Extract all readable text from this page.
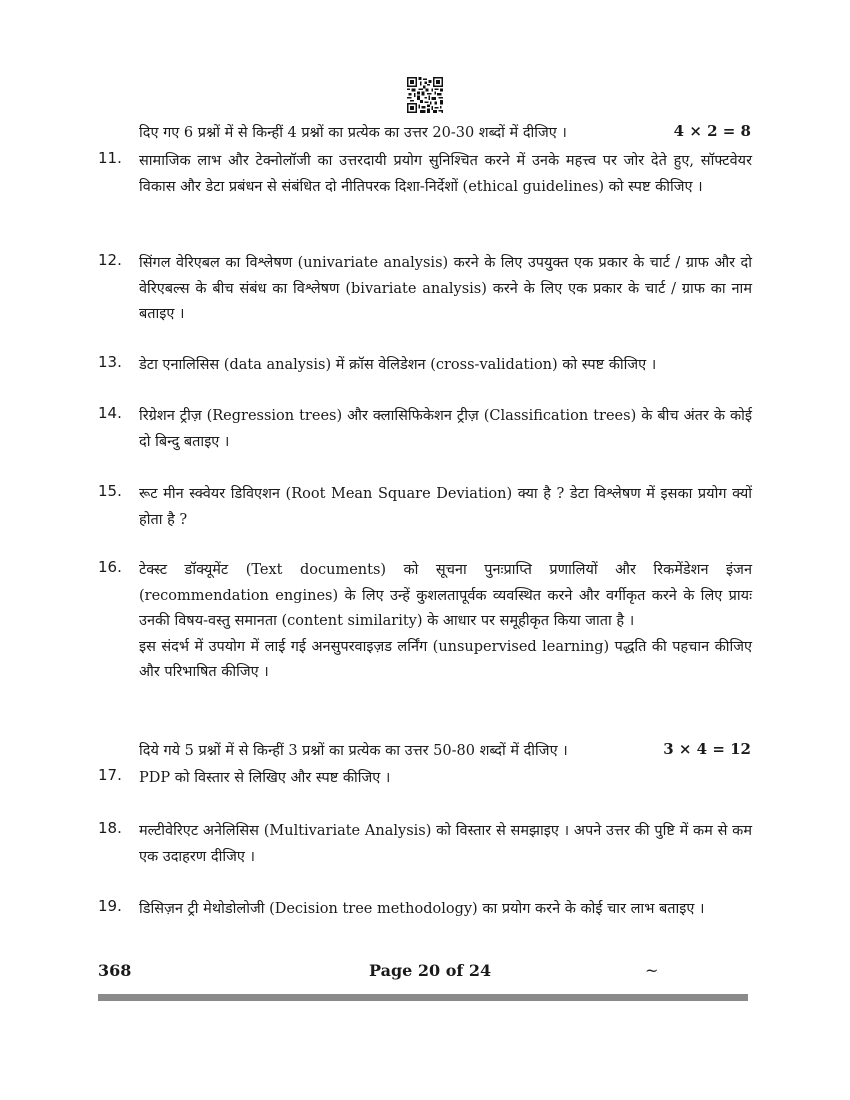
दिए गए 6 प्रश्नों में से किन्हीं 4 प्रश्नों का प्रत्येक का उत्तर 20-30 शब्दों में दीजिए ।	4 × 2 = 8
11. सामाजिक लाभ और टेक्नोलॉजी का उत्तरदायी प्रयोग सुनिश्चित करने में उनके महत्त्व पर जोर देते हुए, सॉफ्टवेयर विकास और डेटा प्रबंधन से संबंधित दो नीतिपरक दिशा-निर्देशों (ethical guidelines) को स्पष्ट कीजिए ।

12. सिंगल वेरिएबल का विश्लेषण (univariate analysis) करने के लिए उपयुक्त एक प्रकार के चार्ट / ग्राफ और दो वेरिएबल्स के बीच संबंध का विश्लेषण (bivariate analysis) करने के लिए एक प्रकार के चार्ट / ग्राफ का नाम बताइए ।

13. डेटा एनालिसिस (data analysis) में क्रॉस वेलिडेशन (cross-validation) को स्पष्ट कीजिए ।

14. रिग्रेशन ट्रीज़ (Regression trees) और क्लासिफिकेशन ट्रीज़ (Classification trees) के बीच अंतर के कोई दो बिन्दु बताइए ।

15. रूट मीन स्क्वेयर डिविएशन (Root Mean Square Deviation) क्या है ? डेटा विश्लेषण में इसका प्रयोग क्यों होता है ?

16. टेक्स्ट डॉक्यूमेंट (Text documents) को सूचना पुनःप्राप्ति प्रणालियों और रिकमेंडेशन इंजन (recommendation engines) के लिए उन्हें कुशलतापूर्वक व्यवस्थित करने और वर्गीकृत करने के लिए प्रायः उनकी विषय-वस्तु समानता (content similarity) के आधार पर समूहीकृत किया जाता है ।

इस संदर्भ में उपयोग में लाई गई अनसुपरवाइज़ड लर्निंग (unsupervised learning) पद्धति की पहचान कीजिए और परिभाषित कीजिए ।

दिये गये 5 प्रश्नों में से किन्हीं 3 प्रश्नों का प्रत्येक का उत्तर 50-80 शब्दों में दीजिए ।	3 × 4 = 12
17. PDP को विस्तार से लिखिए और स्पष्ट कीजिए ।

18. मल्टीवेरिएट अनेलिसिस (Multivariate Analysis) को विस्तार से समझाइए । अपने उत्तर की पुष्टि में कम से कम एक उदाहरण दीजिए ।

19. डिसिज़न ट्री मेथोडोलोजी (Decision tree methodology) का प्रयोग करने के कोई चार लाभ बताइए ।

368	Page 20 of 24	~
